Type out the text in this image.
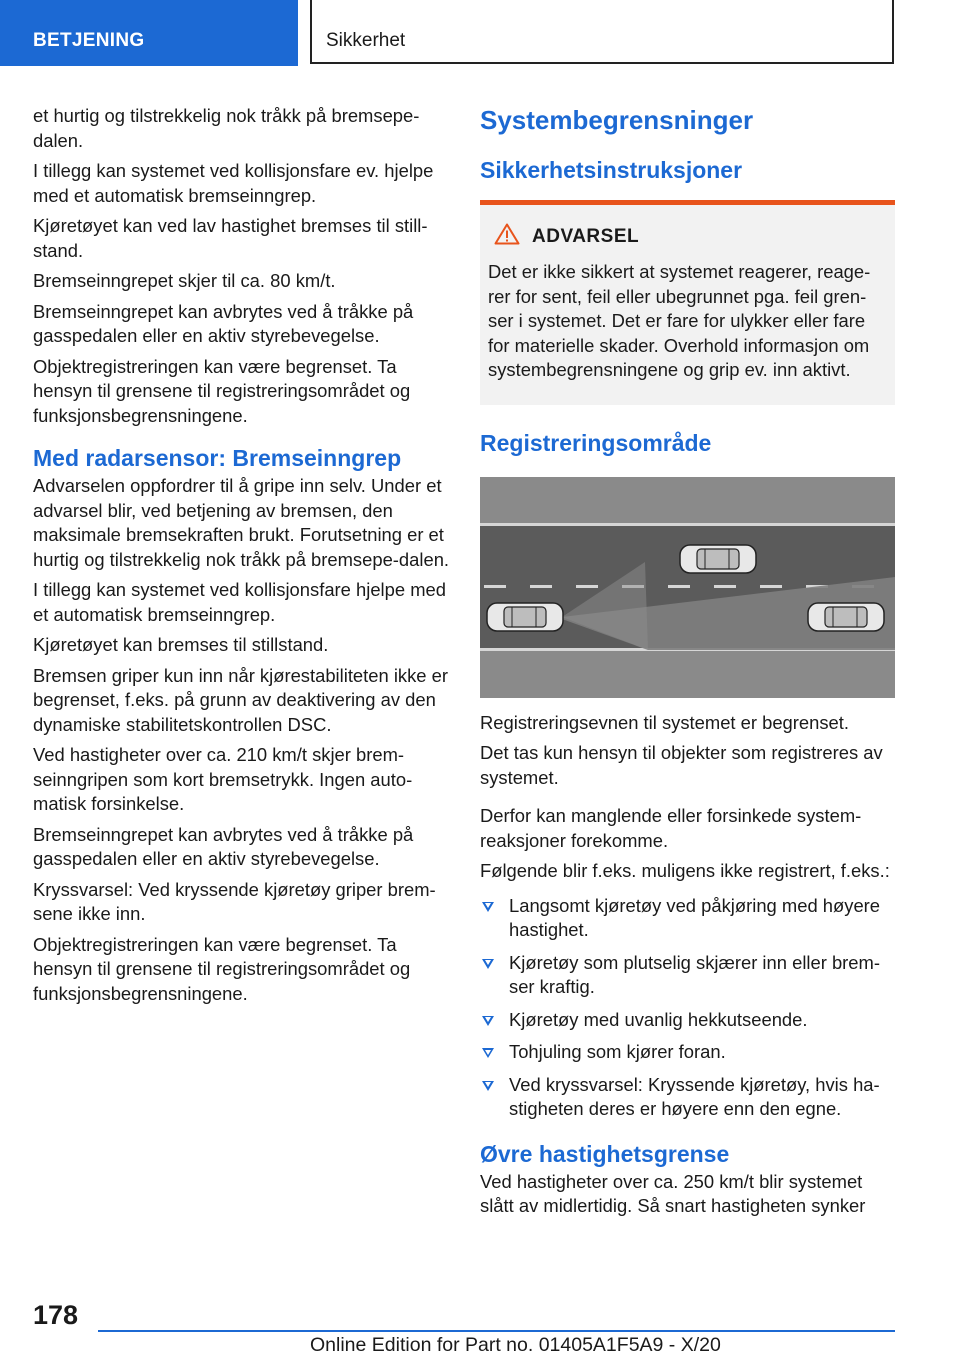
BETJENING	Sikkerhet

et hurtig og tilstrekkelig nok tråkk på bremsepe-dalen.

I tillegg kan systemet ved kollisjonsfare ev. hjelpe med et automatisk bremseinngrep.

Kjøretøyet kan ved lav hastighet bremses til still-stand.

Bremseinngrepet skjer til ca. 80 km/t.

Bremseinngrepet kan avbrytes ved å tråkke på gasspedalen eller en aktiv styrebevegelse.

Objektregistreringen kan være begrenset. Ta hensyn til grensene til registreringsområdet og funksjonsbegrensningene.

Med radarsensor: Bremseinngrep

Advarselen oppfordrer til å gripe inn selv. Under et advarsel blir, ved betjening av bremsen, den maksimale bremsekraften brukt. Forutsetning er et hurtig og tilstrekkelig nok tråkk på bremsepe-dalen.

I tillegg kan systemet ved kollisjonsfare hjelpe med et automatisk bremseinngrep.

Kjøretøyet kan bremses til stillstand.

Bremsen griper kun inn når kjørestabiliteten ikke er begrenset, f.eks. på grunn av deaktivering av den dynamiske stabilitetskontrollen DSC.

Ved hastigheter over ca. 210 km/t skjer brem-seinngripen som kort bremsetrykk. Ingen auto-matisk forsinkelse.

Bremseinngrepet kan avbrytes ved å tråkke på gasspedalen eller en aktiv styrebevegelse.

Kryssvarsel: Ved kryssende kjøretøy griper brem-sene ikke inn.

Objektregistreringen kan være begrenset. Ta hensyn til grensene til registreringsområdet og funksjonsbegrensningene.

Systembegrensninger
Sikkerhetsinstruksjoner
ADVARSEL

Det er ikke sikkert at systemet reagerer, reage-rer for sent, feil eller ubegrunnet pga. feil gren-ser i systemet. Det er fare for ulykker eller fare for materielle skader. Overhold informasjon om systembegrensningene og grip ev. inn aktivt.

Registreringsområde

Registreringsevnen til systemet er begrenset.

Det tas kun hensyn til objekter som registreres av systemet.

Derfor kan manglende eller forsinkede system-reaksjoner forekomme.

Følgende blir f.eks. muligens ikke registrert, f.eks.:

Langsomt kjøretøy ved påkjøring med høyere hastighet.
Kjøretøy som plutselig skjærer inn eller brem-ser kraftig.
Kjøretøy med uvanlig hekkutseende.
Tohjuling som kjører foran.
Ved kryssvarsel: Kryssende kjøretøy, hvis ha-stigheten deres er høyere enn den egne.
Øvre hastighetsgrense

Ved hastigheter over ca. 250 km/t blir systemet slått av midlertidig. Så snart hastigheten synker

178
Online Edition for Part no. 01405A1F5A9 - X/20
